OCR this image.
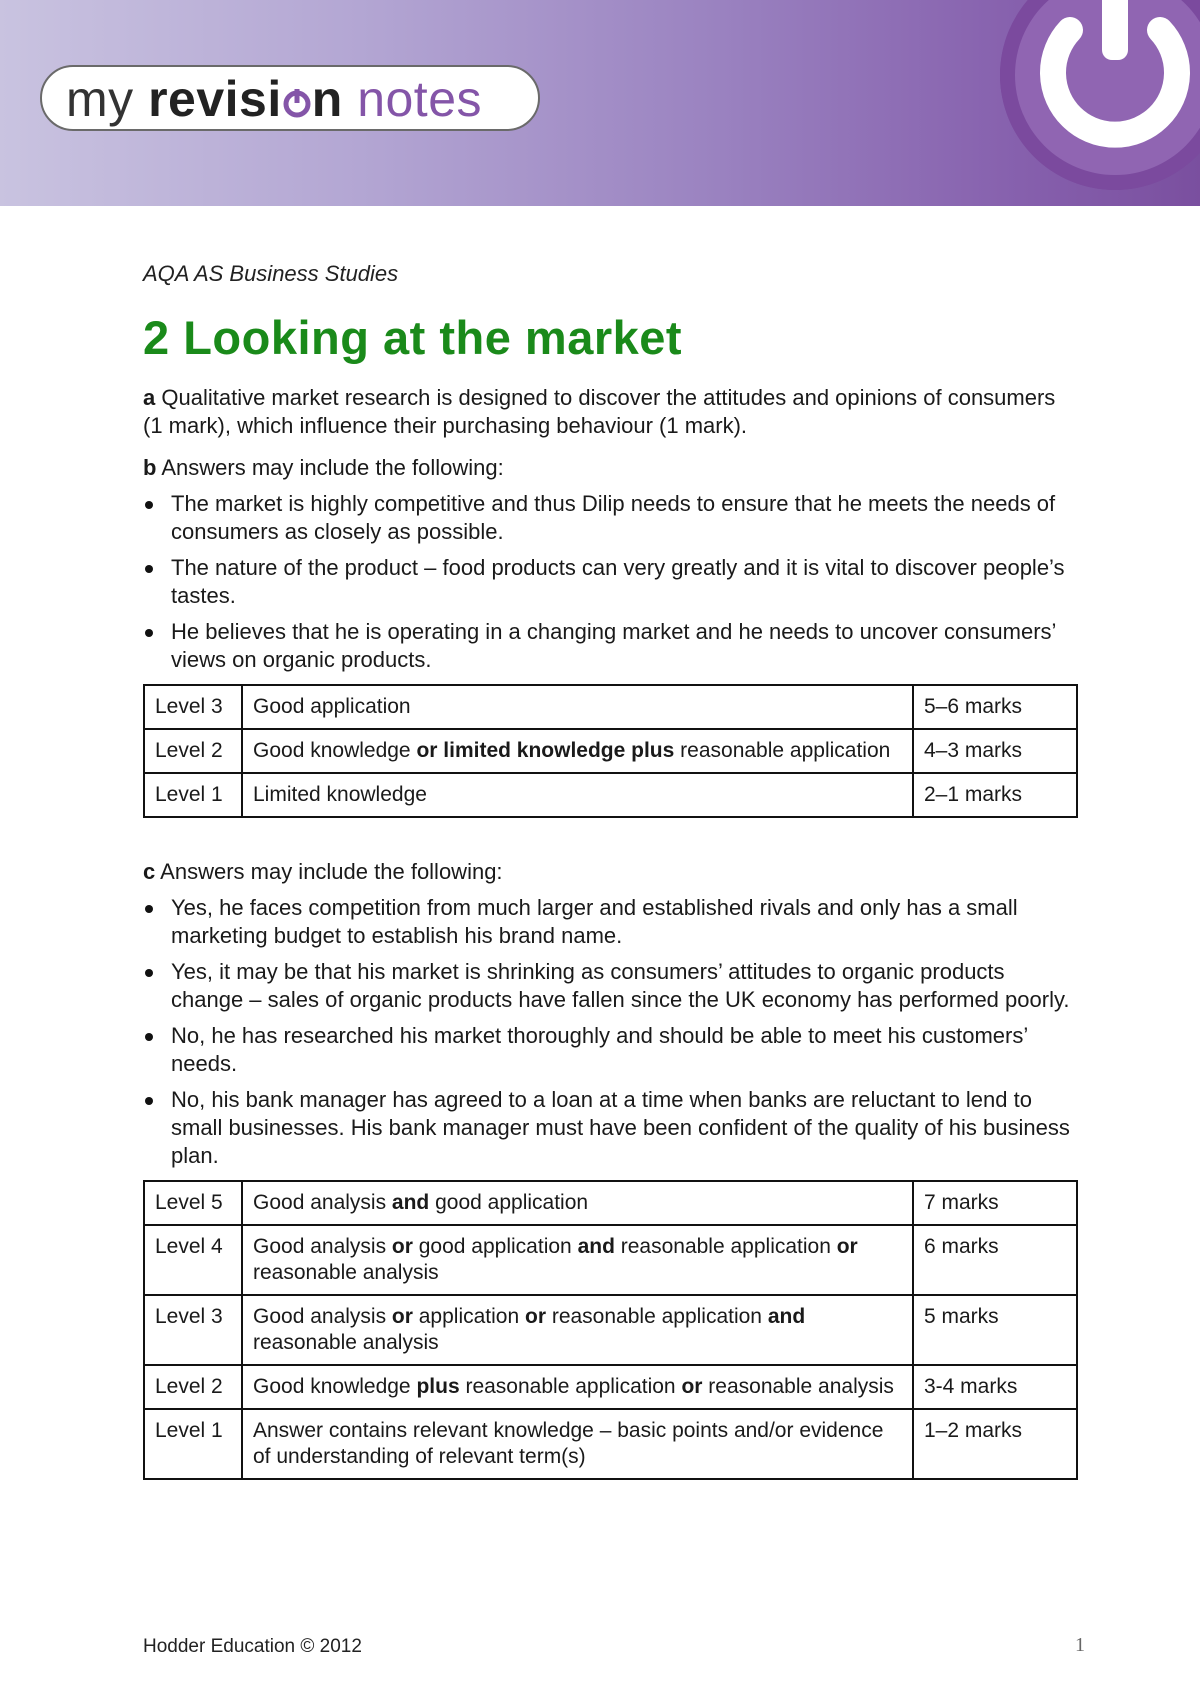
my revisi n notes
AQA AS Business Studies
2 Looking at the market

a Qualitative market research is designed to discover the attitudes and opinions of consumers (1 mark), which influence their purchasing behaviour (1 mark).

b Answers may include the following:

The market is highly competitive and thus Dilip needs to ensure that he meets the needs of consumers as closely as possible.
The nature of the product – food products can very greatly and it is vital to discover people’s tastes.
He believes that he is operating in a changing market and he needs to uncover consumers’ views on organic products.
Level 3	Good application	5–6 marks
Level 2	Good knowledge or limited knowledge plus reasonable application	4–3 marks
Level 1	Limited knowledge	2–1 marks

c Answers may include the following:

Yes, he faces competition from much larger and established rivals and only has a small marketing budget to establish his brand name.
Yes, it may be that his market is shrinking as consumers’ attitudes to organic products change – sales of organic products have fallen since the UK economy has performed poorly.
No, he has researched his market thoroughly and should be able to meet his customers’ needs.
No, his bank manager has agreed to a loan at a time when banks are reluctant to lend to small businesses. His bank manager must have been confident of the quality of his business plan.
Level 5	Good analysis and good application	7 marks
Level 4	Good analysis or good application and reasonable application or reasonable analysis	6 marks
Level 3	Good analysis or application or reasonable application and reasonable analysis	5 marks
Level 2	Good knowledge plus reasonable application or reasonable analysis	3-4 marks
Level 1	Answer contains relevant knowledge – basic points and/or evidence of understanding of relevant term(s)	1–2 marks
Hodder Education © 2012	1
